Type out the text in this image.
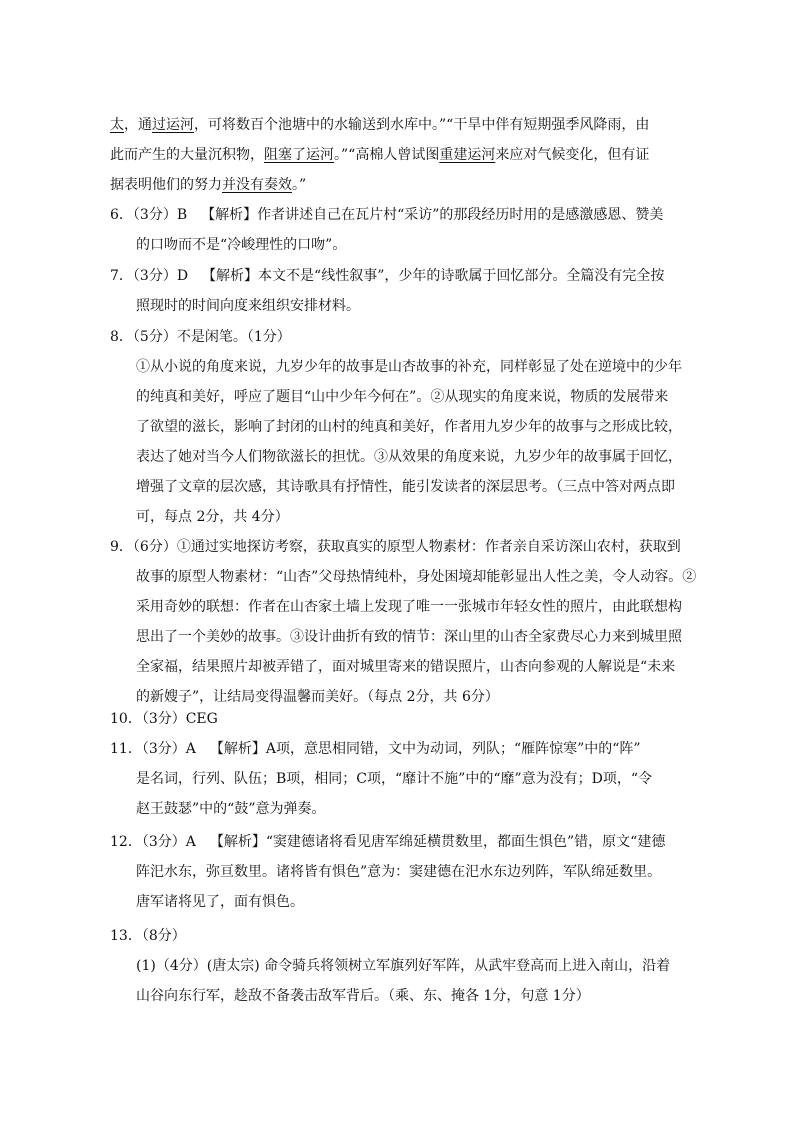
太，通过运河，可将数百个池塘中的水输送到水库中。”“干旱中伴有短期强季风降雨，由
此而产生的大量沉积物，阻塞了运河。”“高棉人曾试图重建运河来应对气候变化，但有证
据表明他们的努力并没有奏效。”
6．（3分）B 【解析】作者讲述自己在瓦片村“采访”的那段经历时用的是感激感恩、赞美
的口吻而不是“冷峻理性的口吻”。
7．（3分）D 【解析】本文不是“线性叙事”，少年的诗歌属于回忆部分。全篇没有完全按
照现时的时间向度来组织安排材料。
8．（5分）不是闲笔。（1分）
①从小说的角度来说，九岁少年的故事是山杏故事的补充，同样彰显了处在逆境中的少年
的纯真和美好，呼应了题目“山中少年今何在”。②从现实的角度来说，物质的发展带来
了欲望的滋长，影响了封闭的山村的纯真和美好，作者用九岁少年的故事与之形成比较，
表达了她对当今人们物欲滋长的担忧。③从效果的角度来说，九岁少年的故事属于回忆，
增强了文章的层次感，其诗歌具有抒情性，能引发读者的深层思考。（三点中答对两点即
可，每点 2分，共 4分）
9．（6分）①通过实地探访考察，获取真实的原型人物素材：作者亲自采访深山农村，获取到
故事的原型人物素材：“山杏”父母热情纯朴，身处困境却能彰显出人性之美，令人动容。②
采用奇妙的联想：作者在山杏家土墙上发现了唯一一张城市年轻女性的照片，由此联想构
思出了一个美妙的故事。③设计曲折有致的情节：深山里的山杏全家费尽心力来到城里照
全家福，结果照片却被弄错了，面对城里寄来的错误照片，山杏向参观的人解说是“未来
的新嫂子”，让结局变得温馨而美好。（每点 2分，共 6分）
10．（3分）CEG
11．（3分）A 【解析】A项，意思相同错，文中为动词，列队；“雁阵惊寒”中的“阵”
是名词，行列、队伍；B项，相同；C项，“靡计不施”中的“靡”意为没有；D项，“令
赵王鼓瑟”中的“鼓”意为弹奏。
12．（3分）A 【解析】“窦建德诸将看见唐军绵延横贯数里，都面生惧色”错，原文“建德
阵汜水东，弥亘数里。诸将皆有惧色”意为：窦建德在汜水东边列阵，军队绵延数里。
唐军诸将见了，面有惧色。
13．（8分）
(1)（4分）(唐太宗) 命令骑兵将领树立军旗列好军阵，从武牢登高而上进入南山，沿着
山谷向东行军，趁敌不备袭击敌军背后。（乘、东、掩各 1分，句意 1分）
